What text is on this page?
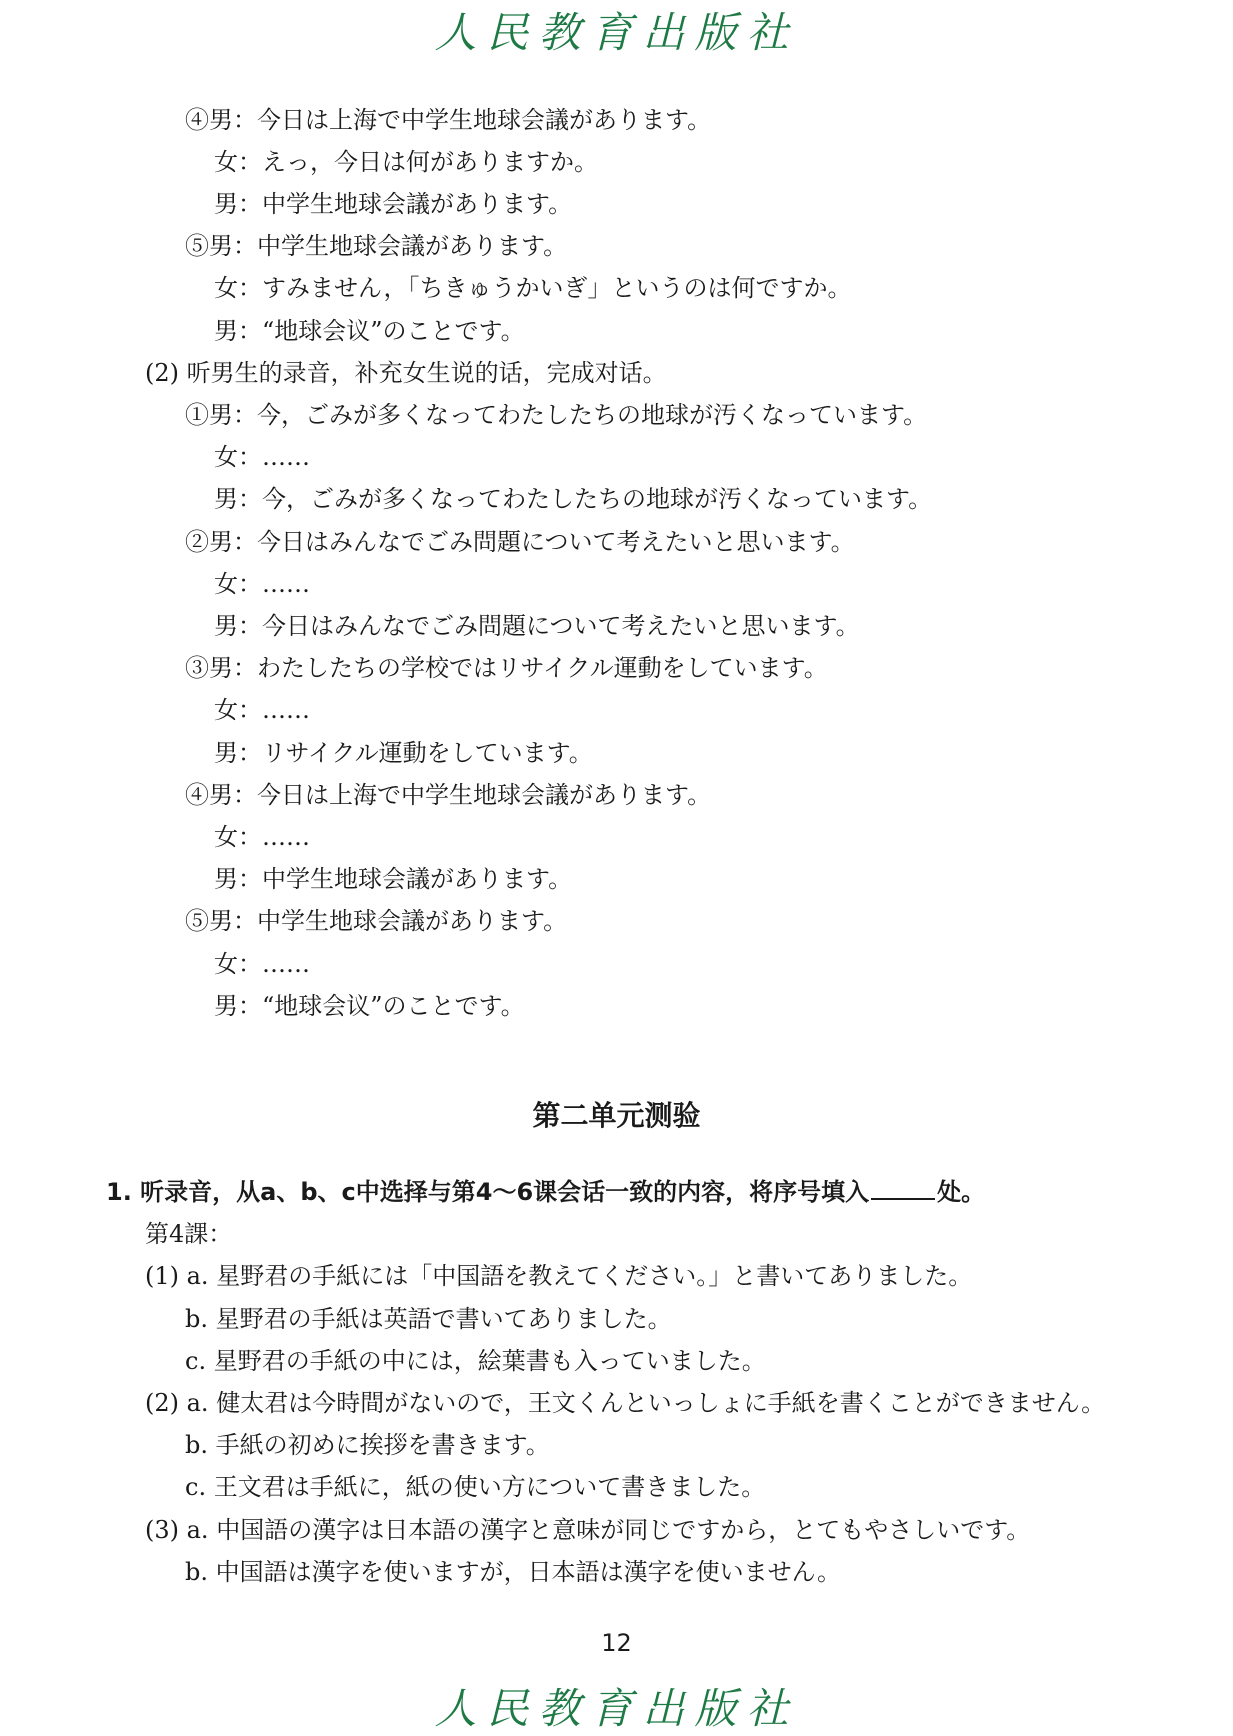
人民教育出版社
④男：今日は上海で中学生地球会議があります。
女：えっ，今日は何がありますか。
男：中学生地球会議があります。
⑤男：中学生地球会議があります。
女：すみません，「ちきゅうかいぎ」というのは何ですか。
男：“地球会议”のことです。
(2) 听男生的录音，补充女生说的话，完成对话。
①男：今，ごみが多くなってわたしたちの地球が汚くなっています。
女：……
男：今，ごみが多くなってわたしたちの地球が汚くなっています。
②男：今日はみんなでごみ問題について考えたいと思います。
女：……
男：今日はみんなでごみ問題について考えたいと思います。
③男：わたしたちの学校ではリサイクル運動をしています。
女：……
男：リサイクル運動をしています。
④男：今日は上海で中学生地球会議があります。
女：……
男：中学生地球会議があります。
⑤男：中学生地球会議があります。
女：……
男：“地球会议”のことです。
第二单元测验
1. 听录音，从a、b、c中选择与第4～6课会话一致的内容，将序号填入	处。
第4課：
(1) a. 星野君の手紙には「中国語を教えてください。」と書いてありました。
b. 星野君の手紙は英語で書いてありました。
c. 星野君の手紙の中には，絵葉書も入っていました。
(2) a. 健太君は今時間がないので，王文くんといっしょに手紙を書くことができません。
b. 手紙の初めに挨拶を書きます。
c. 王文君は手紙に，紙の使い方について書きました。
(3) a. 中国語の漢字は日本語の漢字と意味が同じですから，とてもやさしいです。
b. 中国語は漢字を使いますが，日本語は漢字を使いません。
12
人民教育出版社
